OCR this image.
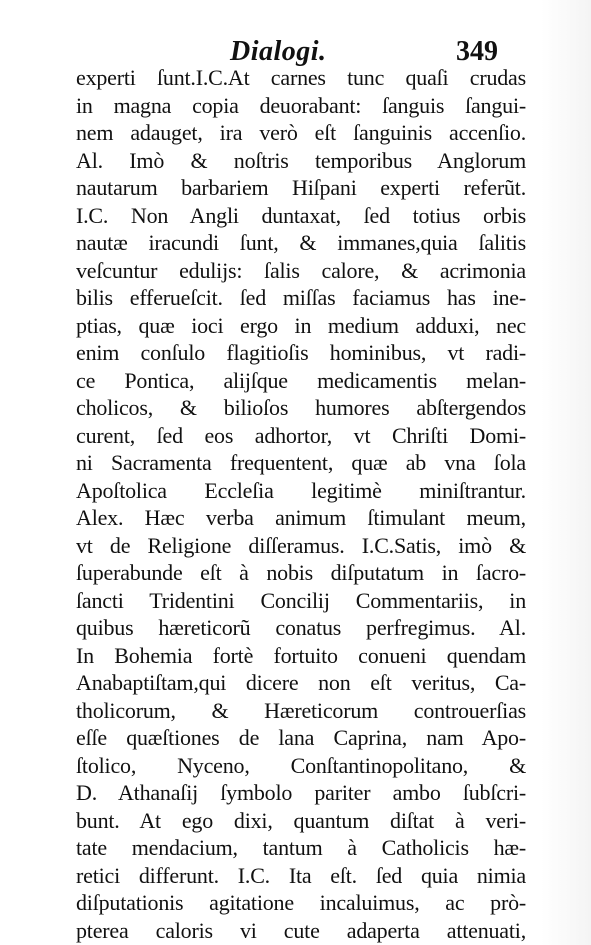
Dialogi.	349
experti ſunt.I.C.At carnes tunc quaſi crudas
in magna copia deuorabant: ſanguis ſangui-
nem adauget, ira verò eſt ſanguinis accenſio.
Al. Imò & noſtris temporibus Anglorum
nautarum barbariem Hiſpani experti referũt.
I.C. Non Angli duntaxat, ſed totius orbis
nautæ iracundi ſunt, & immanes,quia ſalitis
veſcuntur edulijs: ſalis calore, & acrimonia
bilis efferueſcit. ſed miſſas faciamus has ine-
ptias, quæ ioci ergo in medium adduxi, nec
enim conſulo flagitioſis hominibus, vt radi-
ce Pontica, alijſque medicamentis melan-
cholicos, & bilioſos humores abſtergendos
curent, ſed eos adhortor, vt Chriſti Domi-
ni Sacramenta frequentent, quæ ab vna ſola
Apoſtolica Eccleſia legitimè miniſtrantur.
Alex. Hæc verba animum ſtimulant meum,
vt de Religione diſſeramus. I.C.Satis, imò &
ſuperabunde eſt à nobis diſputatum in ſacro-
ſancti Tridentini Concilij Commentariis, in
quibus hæreticorũ conatus perfregimus. Al.
In Bohemia fortè fortuito conueni quendam
Anabaptiſtam,qui dicere non eſt veritus, Ca-
tholicorum, & Hæreticorum controuerſias
eſſe quæſtiones de lana Caprina, nam Apo-
ſtolico, Nyceno, Conſtantinopolitano, &
D. Athanaſij ſymbolo pariter ambo ſubſcri-
bunt. At ego dixi, quantum diſtat à veri-
tate mendacium, tantum à Catholicis hæ-
retici differunt. I.C. Ita eſt. ſed quia nimia
diſputationis agitatione incaluimus, ac prò-
pterea caloris vi cute adaperta attenuati,
